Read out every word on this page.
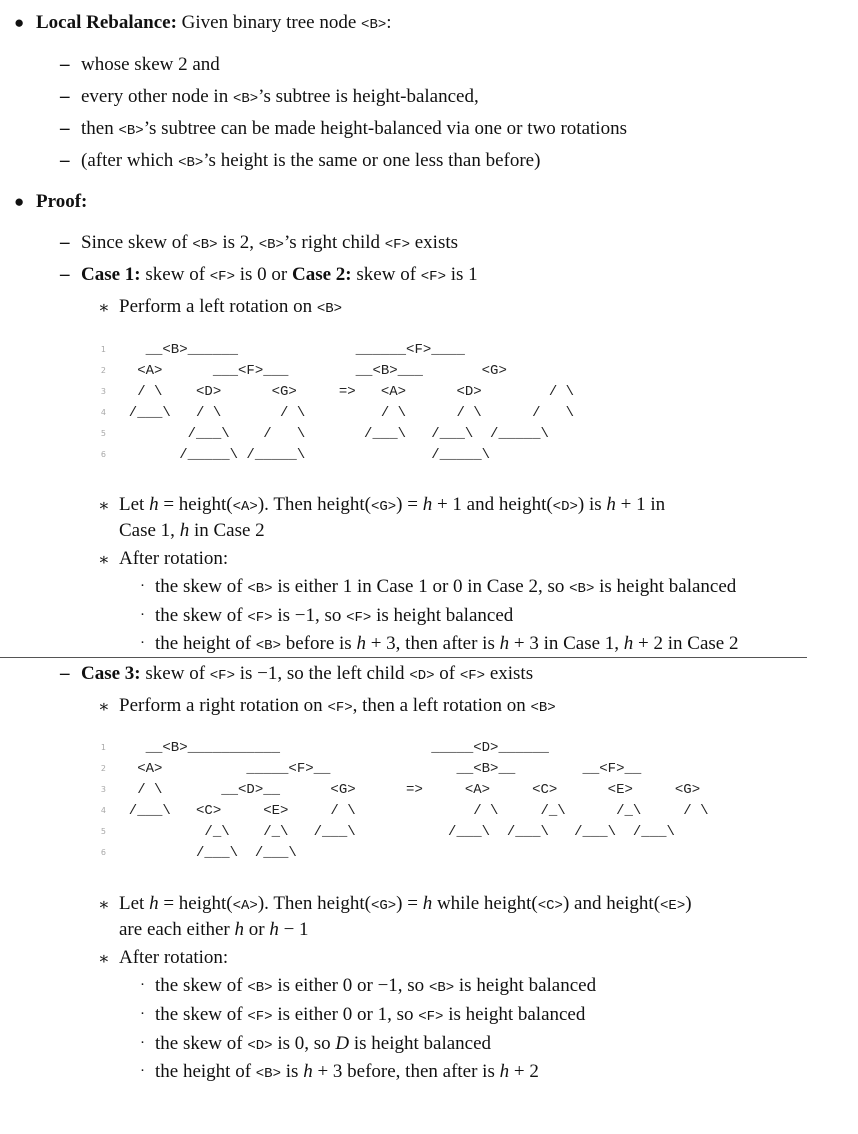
● Local Rebalance: Given binary tree node <B>:
– whose skew 2 and
– every other node in <B>’s subtree is height-balanced,
– then <B>’s subtree can be made height-balanced via one or two rotations
– (after which <B>’s height is the same or one less than before)
● Proof:
– Since skew of <B> is 2, <B>’s right child <F> exists
– Case 1: skew of <F> is 0 or Case 2: skew of <F> is 1
∗ Perform a left rotation on <B>
1 __<B>______              ______<F>____
2 <A>      ___<F>___        __<B>___       <G>
3 / \    <D>      <G>     =>   <A>      <D>        / \
4 /___\   / \       / \         / \      / \      /   \
5 /___\    /   \       /___\   /___\  /_____\
6 /_____\ /_____\               /_____\
∗ Let h = height(<A>). Then height(<G>) = h + 1 and height(<D>) is h + 1 in
Case 1, h in Case 2
∗ After rotation:
· the skew of <B> is either 1 in Case 1 or 0 in Case 2, so <B> is height balanced
· the skew of <F> is −1, so <F> is height balanced
· the height of <B> before is h + 3, then after is h + 3 in Case 1, h + 2 in Case 2
– Case 3: skew of <F> is −1, so the left child <D> of <F> exists
∗ Perform a right rotation on <F>, then a left rotation on <B>
1 __<B>___________                  _____<D>______
2 <A>          _____<F>__               __<B>__        __<F>__
3 / \       __<D>__      <G>      =>     <A>     <C>      <E>     <G>
4 /___\   <C>     <E>     / \              / \     /_\      /_\     / \
5 /_\    /_\   /___\           /___\  /___\   /___\  /___\
6 /___\  /___\
∗ Let h = height(<A>). Then height(<G>) = h while height(<C>) and height(<E>)
are each either h or h − 1
∗ After rotation:
· the skew of <B> is either 0 or −1, so <B> is height balanced
· the skew of <F> is either 0 or 1, so <F> is height balanced
· the skew of <D> is 0, so D is height balanced
· the height of <B> is h + 3 before, then after is h + 2
